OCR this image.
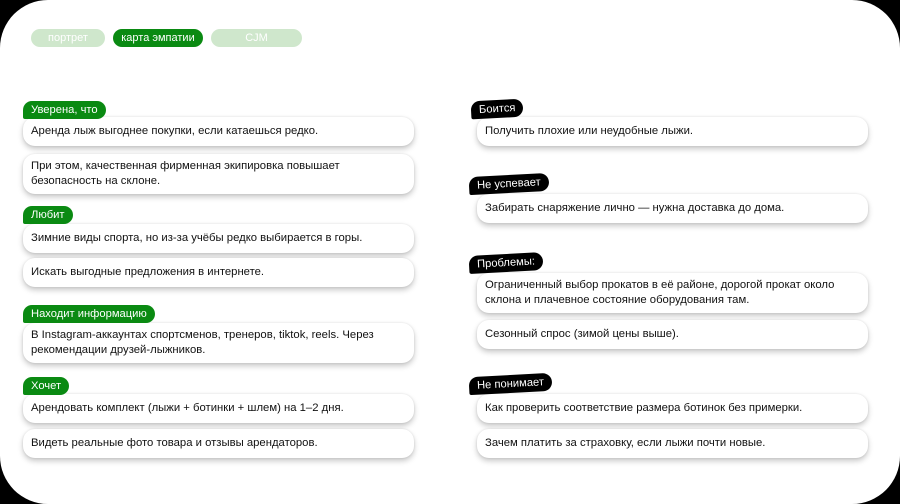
портрет	карта эмпатии	CJM
Уверена, что
Аренда лыж выгоднее покупки, если катаешься редко.
При этом, качественная фирменная экипировка повышает безопасность на склоне.
Любит
Зимние виды спорта, но из-за учёбы редко выбирается в горы.
Искать выгодные предложения в интернете.
Находит информацию
В Instagram-аккаунтах спортсменов, тренеров, tiktok, reels. Через рекомендации друзей-лыжников.
Хочет
Арендовать комплект (лыжи + ботинки + шлем) на 1–2 дня.
Видеть реальные фото товара и отзывы арендаторов.
Боится
Получить плохие или неудобные лыжи.
Не успевает
Забирать снаряжение лично — нужна доставка до дома.
Проблемы:
Ограниченный выбор прокатов в её районе, дорогой прокат около склона и плачевное состояние оборудования там.
Сезонный спрос (зимой цены выше).
Не понимает
Как проверить соответствие размера ботинок без примерки.
Зачем платить за страховку, если лыжи почти новые.
